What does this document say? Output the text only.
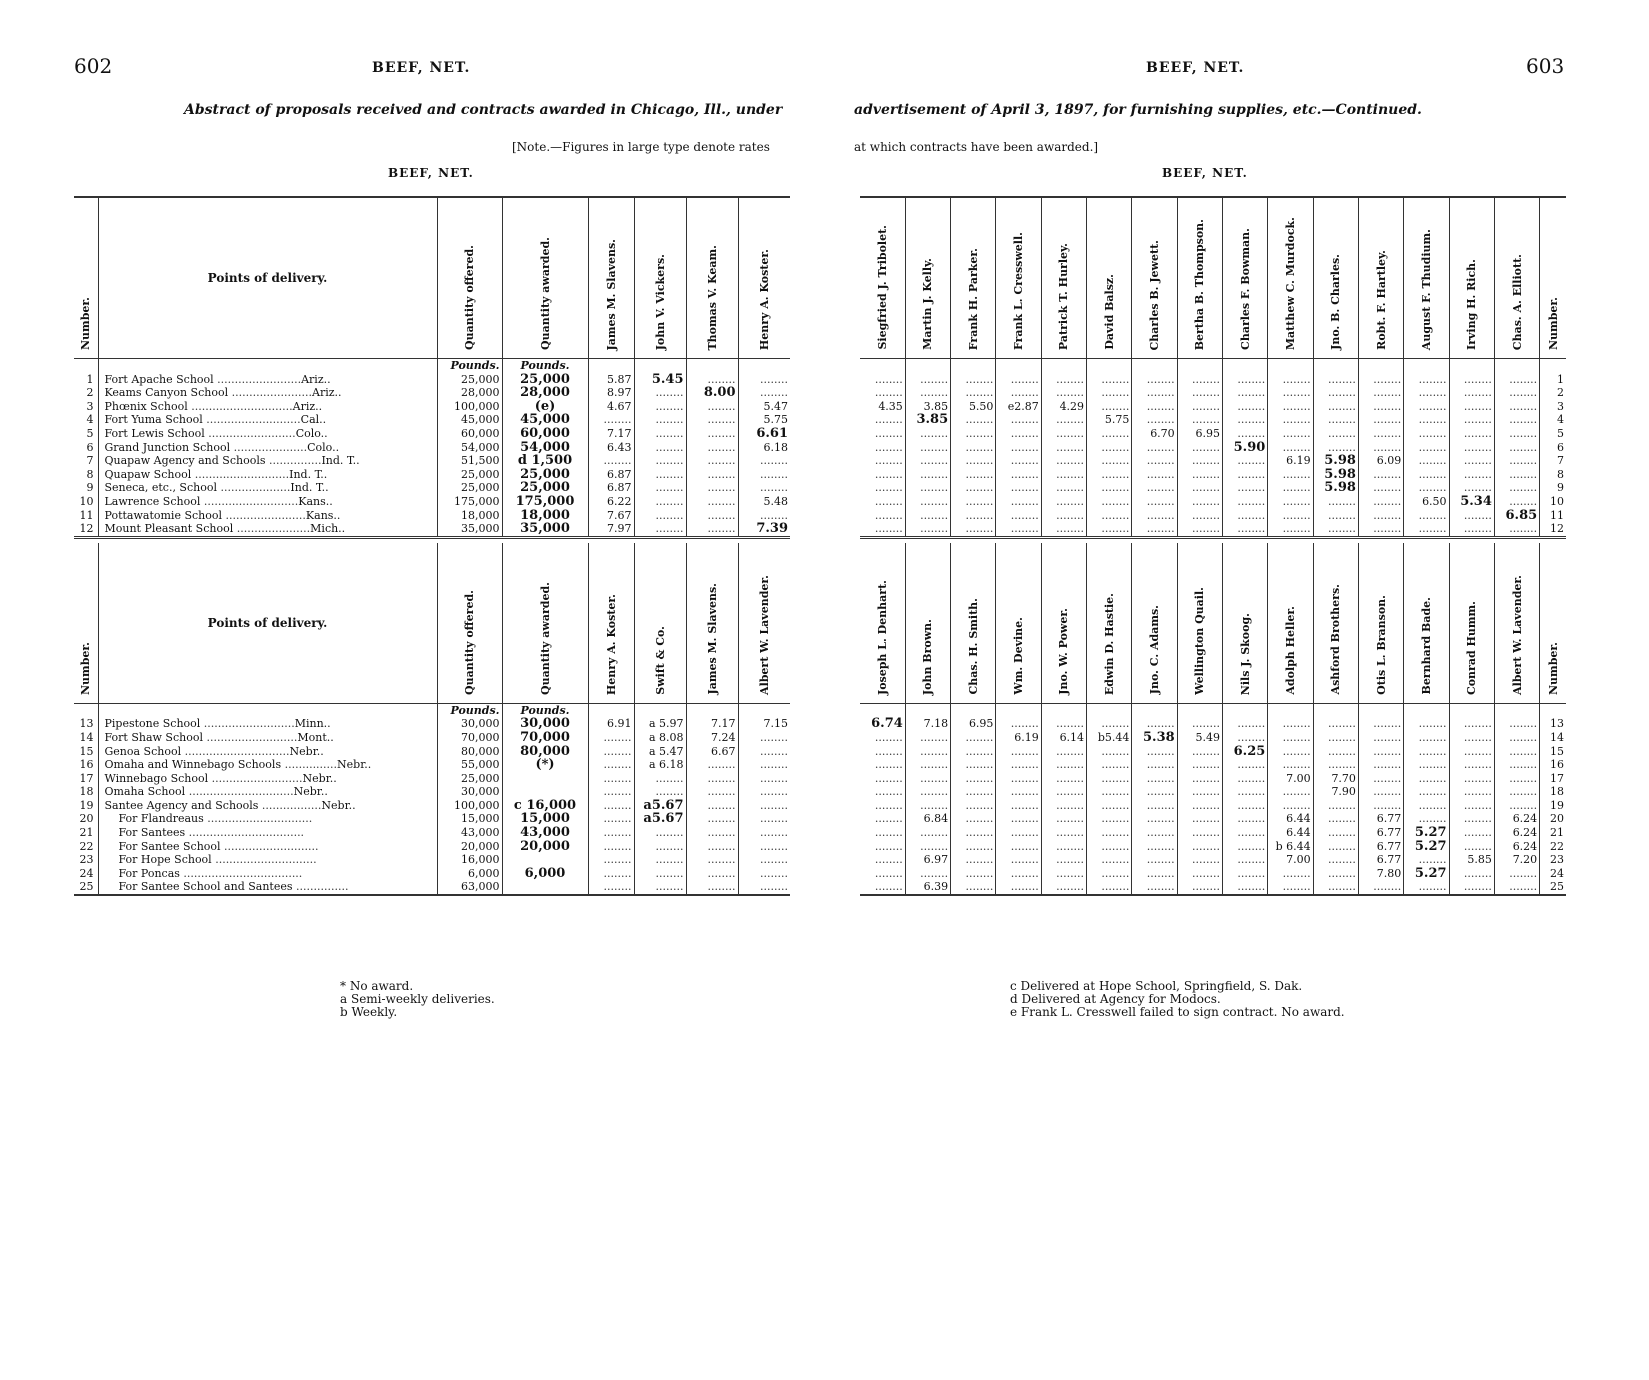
602	BEEF, NET.
Abstract of proposals received and contracts awarded in Chicago, Ill., under
[Note.—Figures in large type denote rates
BEEF, NET.
Number.	Points of delivery.	Quantity offered.	Quantity awarded.	James M. Slavens.	John V. Vickers.	Thomas V. Keam.	Henry A. Koster.
		Pounds.	Pounds.				
1	Fort Apache School ........................Ariz..	25,000	25,000	5.87	5.45	........	........
2	Keams Canyon School .......................Ariz..	28,000	28,000	8.97	........	8.00	........
3	Phœnix School .............................Ariz..	100,000	(e)	4.67	........	........	5.47
4	Fort Yuma School ...........................Cal..	45,000	45,000	........	........	........	5.75
5	Fort Lewis School .........................Colo..	60,000	60,000	7.17	........	........	6.61
6	Grand Junction School .....................Colo..	54,000	54,000	6.43	........	........	6.18
7	Quapaw Agency and Schools ...............Ind. T..	51,500	d 1,500	........	........	........	........
8	Quapaw School ...........................Ind. T..	25,000	25,000	6.87	........	........	........
9	Seneca, etc., School ....................Ind. T..	25,000	25,000	6.87	........	........	........
10	Lawrence School ...........................Kans..	175,000	175,000	6.22	........	........	5.48
11	Pottawatomie School .......................Kans..	18,000	18,000	7.67	........	........	........
12	Mount Pleasant School .....................Mich..	35,000	35,000	7.97	........	........	7.39

Number.	Points of delivery.	Quantity offered.	Quantity awarded.	Henry A. Koster.	Swift & Co.	James M. Slavens.	Albert W. Lavender.
		Pounds.	Pounds.				
13	Pipestone School ..........................Minn..	30,000	30,000	6.91	a 5.97	7.17	7.15
14	Fort Shaw School ..........................Mont..	70,000	70,000	........	a 8.08	7.24	........
15	Genoa School ..............................Nebr..	80,000	80,000	........	a 5.47	6.67	........
16	Omaha and Winnebago Schools ...............Nebr..	55,000	(*)	........	a 6.18	........	........
17	Winnebago School ..........................Nebr..	25,000		........	........	........	........
18	Omaha School ..............................Nebr..	30,000		........	........	........	........
19	Santee Agency and Schools .................Nebr..	100,000	c 16,000	........	a5.67	........	........
20	For Flandreaus ..............................	15,000	15,000	........	a5.67	........	........
21	For Santees .................................	43,000	43,000	........	........	........	........
22	For Santee School ...........................	20,000	20,000	........	........	........	........
23	For Hope School .............................	16,000		........	........	........	........
24	For Poncas ..................................	6,000	6,000	........	........	........	........
25	For Santee School and Santees ...............	63,000		........	........	........	........
* No award.
a Semi-weekly deliveries.
b Weekly.
603
BEEF, NET.
advertisement of April 3, 1897, for furnishing supplies, etc.—Continued.
at which contracts have been awarded.]
BEEF, NET.
Siegfried J. Tribolet.	Martin J. Kelly.	Frank H. Parker.	Frank L. Cresswell.	Patrick T. Hurley.	David Balsz.	Charles B. Jewett.	Bertha B. Thompson.	Charles F. Bowman.	Matthew C. Murdock.	Jno. B. Charles.	Robt. F. Hartley.	August F. Thudium.	Irving H. Rich.	Chas. A. Elliott.	Number.

........	........	........	........	........	........	........	........	........	........	........	........	........	........	........	1
........	........	........	........	........	........	........	........	........	........	........	........	........	........	........	2
4.35	3.85	5.50	e2.87	4.29	........	........	........	........	........	........	........	........	........	........	3
........	3.85	........	........	........	5.75	........	........	........	........	........	........	........	........	........	4
........	........	........	........	........	........	6.70	6.95	........	........	........	........	........	........	........	5
........	........	........	........	........	........	........	........	5.90	........	........	........	........	........	........	6
........	........	........	........	........	........	........	........	........	6.19	5.98	6.09	........	........	........	7
........	........	........	........	........	........	........	........	........	........	5.98	........	........	........	........	8
........	........	........	........	........	........	........	........	........	........	5.98	........	........	........	........	9
........	........	........	........	........	........	........	........	........	........	........	........	6.50	5.34	........	10
........	........	........	........	........	........	........	........	........	........	........	........	........	........	6.85	11
........	........	........	........	........	........	........	........	........	........	........	........	........	........	........	12

Joseph L. Denhart.	John Brown.	Chas. H. Smith.	Wm. Devine.	Jno. W. Power.	Edwin D. Hastie.	Jno. C. Adams.	Wellington Quail.	Nils J. Skoog.	Adolph Heller.	Ashford Brothers.	Otis L. Branson.	Bernhard Bade.	Conrad Humm.	Albert W. Lavender.	Number.

6.74	7.18	6.95	........	........	........	........	........	........	........	........	........	........	........	........	13
........	........	........	6.19	6.14	b5.44	5.38	5.49	........	........	........	........	........	........	........	14
........	........	........	........	........	........	........	........	6.25	........	........	........	........	........	........	15
........	........	........	........	........	........	........	........	........	........	........	........	........	........	........	16
........	........	........	........	........	........	........	........	........	7.00	7.70	........	........	........	........	17
........	........	........	........	........	........	........	........	........	........	7.90	........	........	........	........	18
........	........	........	........	........	........	........	........	........	........	........	........	........	........	........	19
........	6.84	........	........	........	........	........	........	........	6.44	........	6.77	........	........	6.24	20
........	........	........	........	........	........	........	........	........	6.44	........	6.77	5.27	........	6.24	21
........	........	........	........	........	........	........	........	........	b 6.44	........	6.77	5.27	........	6.24	22
........	6.97	........	........	........	........	........	........	........	7.00	........	6.77	........	5.85	7.20	23
........	........	........	........	........	........	........	........	........	........	........	7.80	5.27	........	........	24
........	6.39	........	........	........	........	........	........	........	........	........	........	........	........	........	25
c Delivered at Hope School, Springfield, S. Dak.
d Delivered at Agency for Modocs.
e Frank L. Cresswell failed to sign contract. No award.
